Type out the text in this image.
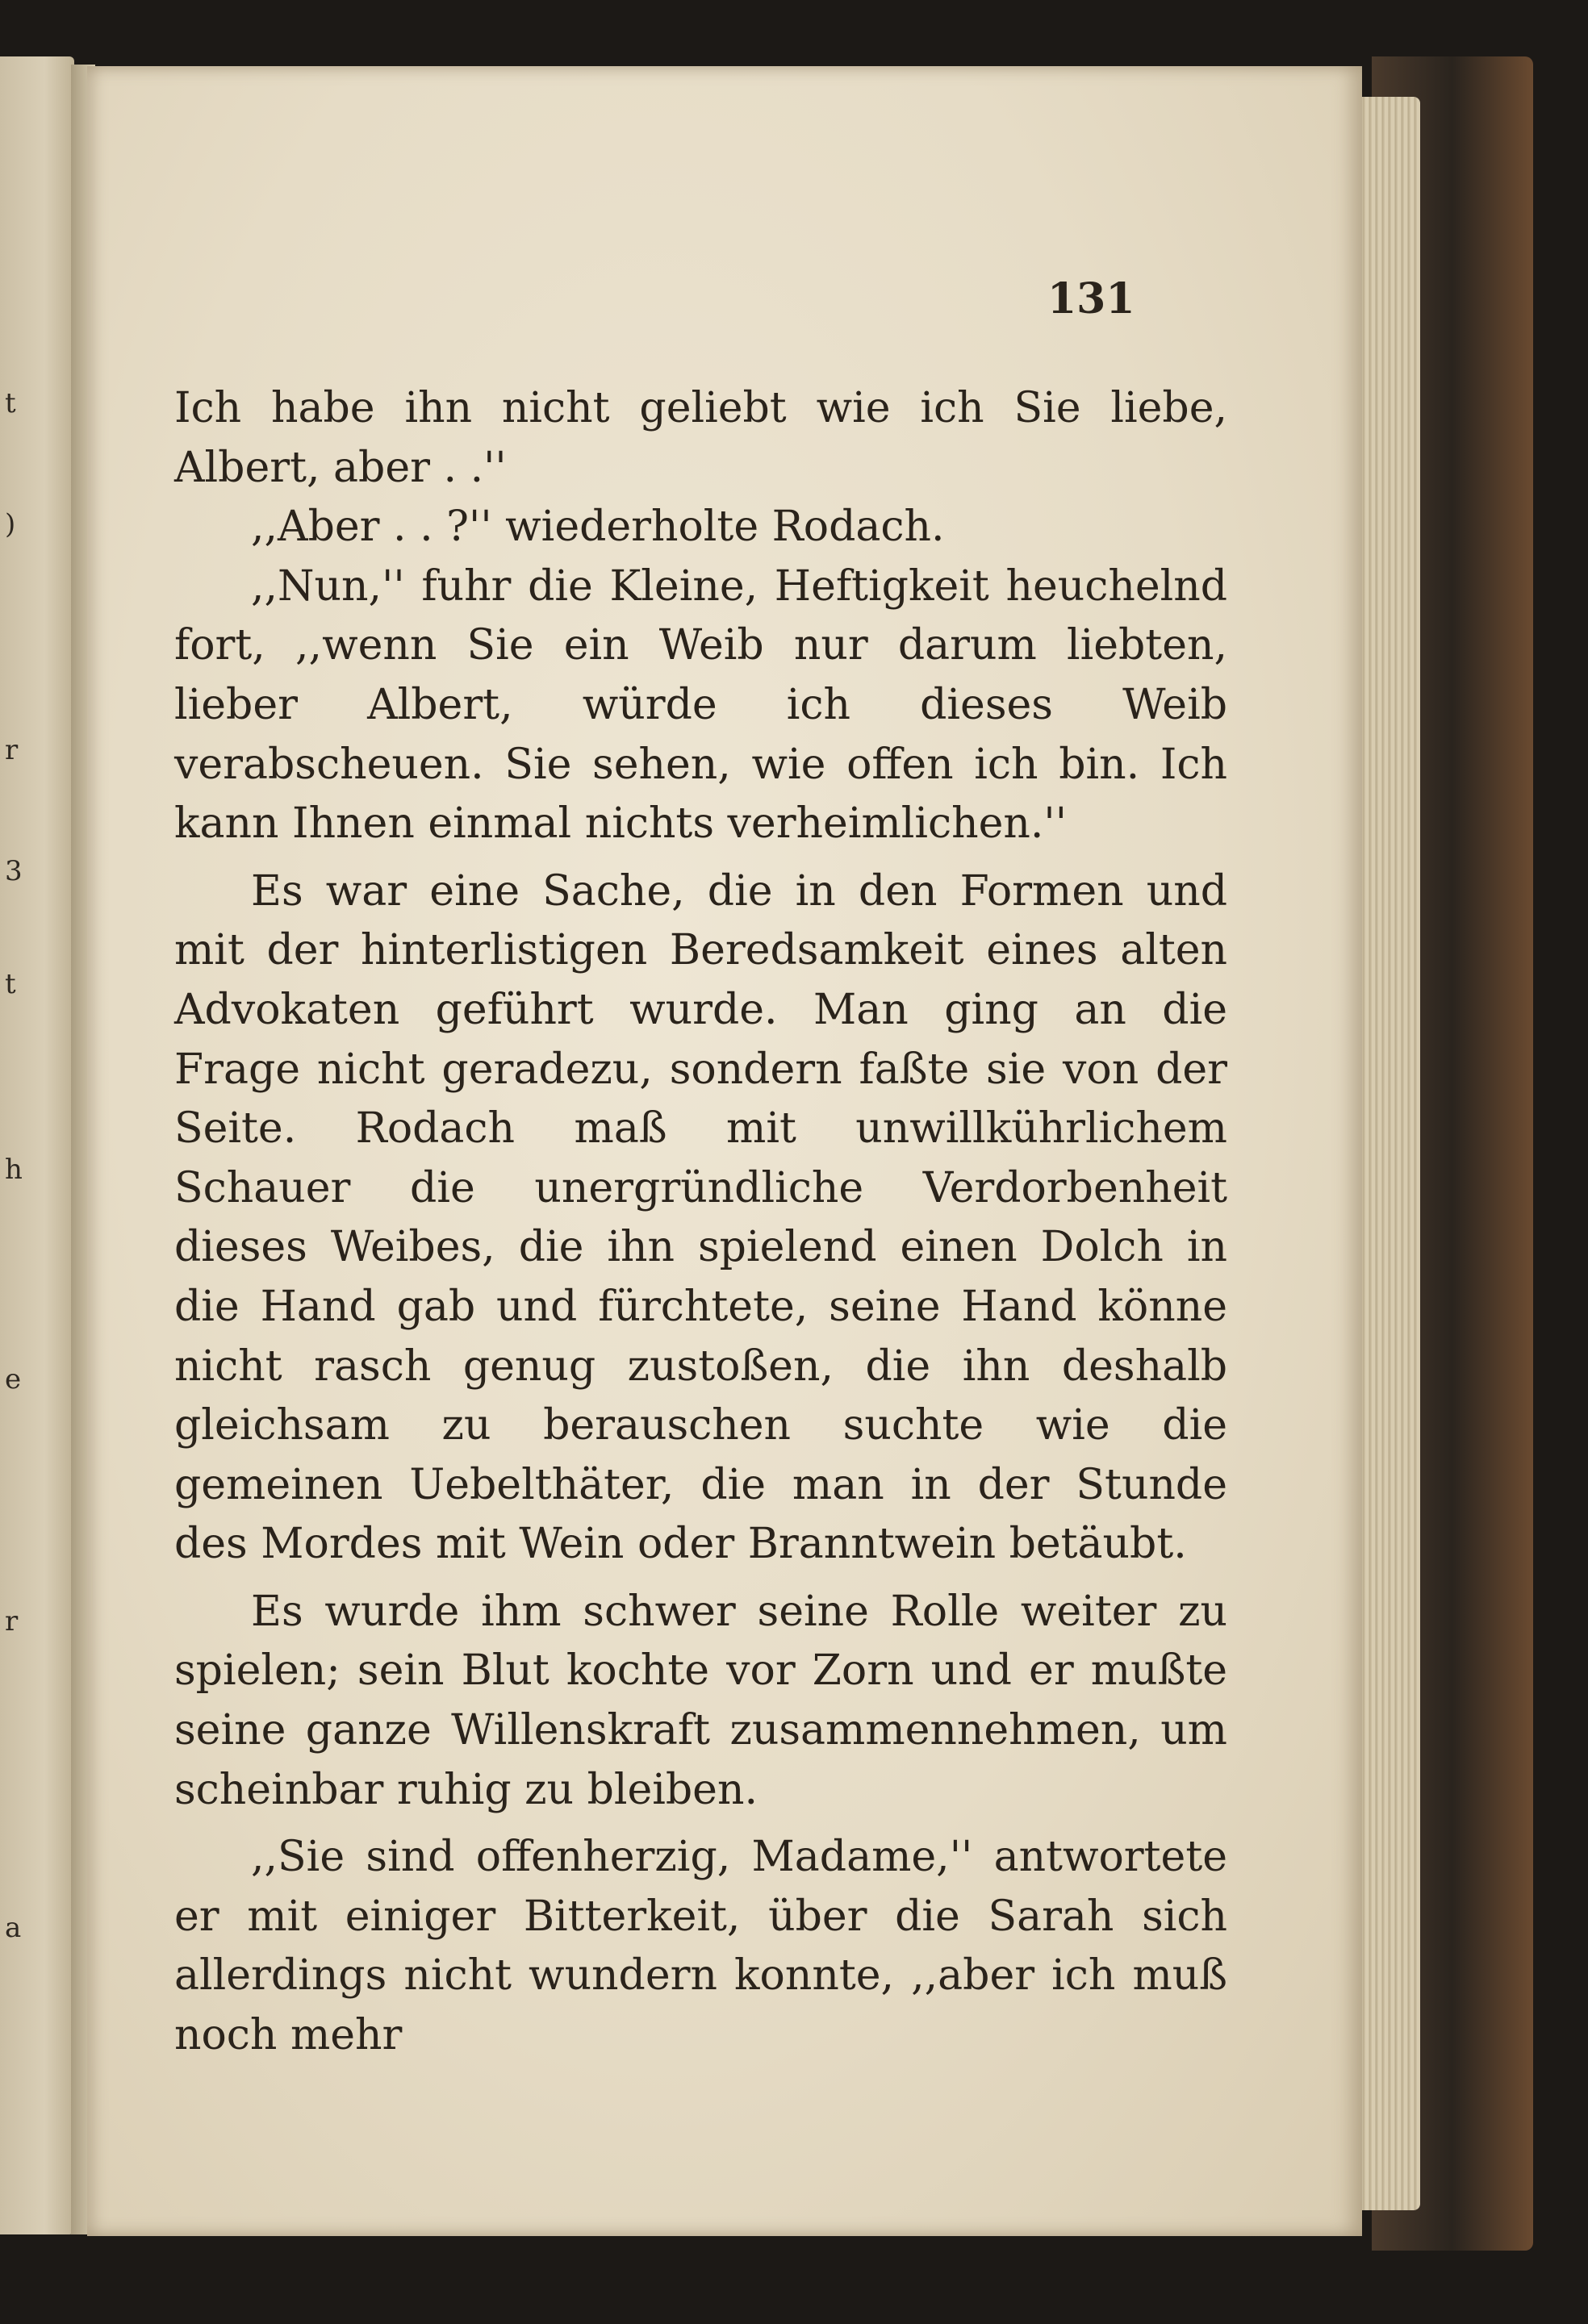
t
)
r
3
t
h
e
r
a
131

Ich habe ihn nicht geliebt wie ich Sie liebe, Albert, aber . .''

,,Aber . . ?'' wiederholte Rodach.

,,Nun,'' fuhr die Kleine, Heftigkeit heuchelnd fort, ,,wenn Sie ein Weib nur darum liebten, lieber Albert, würde ich dieses Weib verabscheuen. Sie sehen, wie offen ich bin. Ich kann Ihnen einmal nichts verheimlichen.''

Es war eine Sache, die in den Formen und mit der hinterlistigen Beredsamkeit eines alten Advokaten geführt wurde. Man ging an die Frage nicht geradezu, sondern faßte sie von der Seite. Rodach maß mit unwillkührlichem Schauer die unergründliche Verdorbenheit dieses Weibes, die ihn spielend einen Dolch in die Hand gab und fürchtete, seine Hand könne nicht rasch genug zustoßen, die ihn deshalb gleichsam zu berauschen suchte wie die gemeinen Uebelthäter, die man in der Stunde des Mordes mit Wein oder Branntwein betäubt.

Es wurde ihm schwer seine Rolle weiter zu spielen; sein Blut kochte vor Zorn und er mußte seine ganze Willenskraft zusammennehmen, um scheinbar ruhig zu bleiben.

,,Sie sind offenherzig, Madame,'' antwortete er mit einiger Bitterkeit, über die Sarah sich allerdings nicht wundern konnte, ,,aber ich muß noch mehr
